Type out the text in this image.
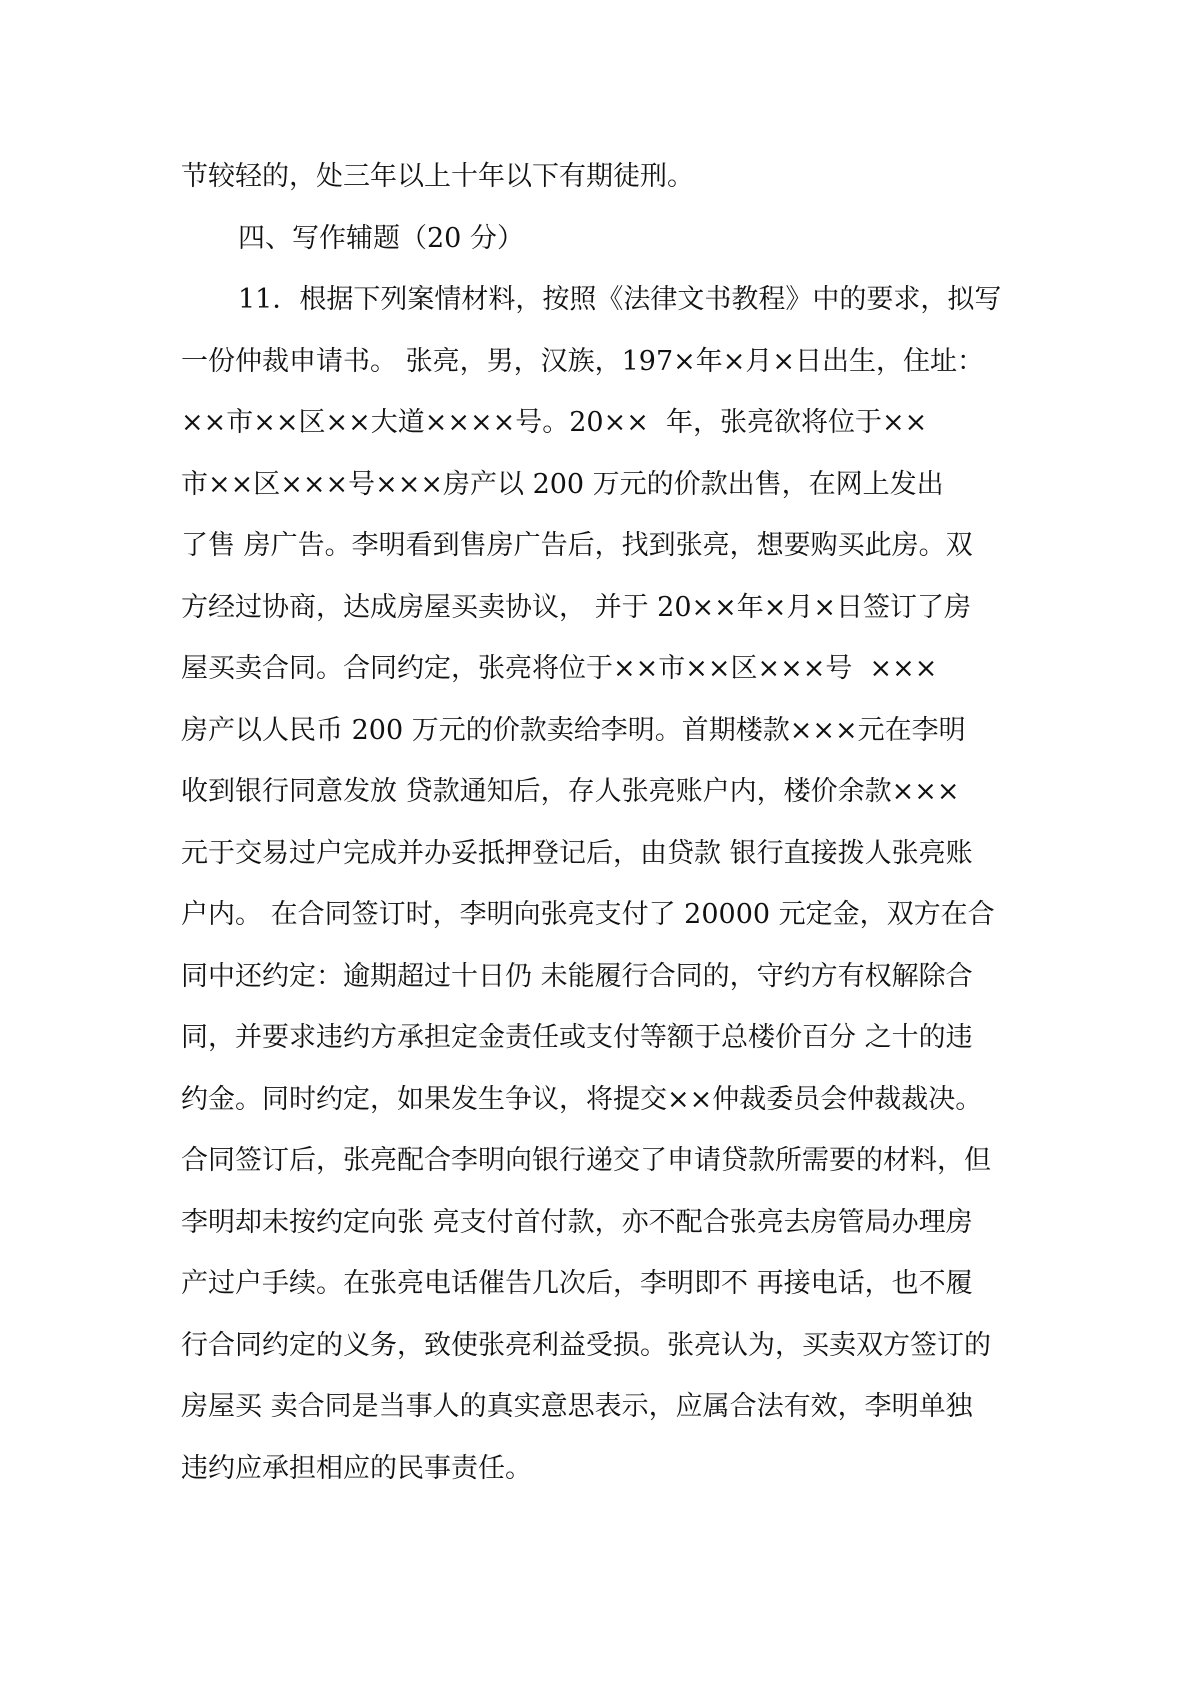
节较轻的，处三年以上十年以下有期徒刑。
四、写作辅题（20 分）
11．根据下列案情材料，按照《法律文书教程》中的要求，拟写
一份仲裁申请书。 张亮，男，汉族，197×年×月×日出生，住址：
××市××区××大道××××号。20××  年，张亮欲将位于××
市××区×××号×××房产以 200 万元的价款出售，在网上发出
了售 房广告。李明看到售房广告后，找到张亮，想要购买此房。双
方经过协商，达成房屋买卖协议， 并于 20××年×月×日签订了房
屋买卖合同。合同约定，张亮将位于××市××区×××号  ×××
房产以人民币 200 万元的价款卖给李明。首期楼款×××元在李明
收到银行同意发放 贷款通知后，存人张亮账户内，楼价余款×××
元于交易过户完成并办妥抵押登记后，由贷款 银行直接拨人张亮账
户内。 在合同签订时，李明向张亮支付了 20000 元定金，双方在合
同中还约定：逾期超过十日仍 未能履行合同的，守约方有权解除合
同，并要求违约方承担定金责任或支付等额于总楼价百分 之十的违
约金。同时约定，如果发生争议，将提交××仲裁委员会仲裁裁决。
合同签订后，张亮配合李明向银行递交了申请贷款所需要的材料，但
李明却未按约定向张 亮支付首付款，亦不配合张亮去房管局办理房
产过户手续。在张亮电话催告几次后，李明即不 再接电话，也不履
行合同约定的义务，致使张亮利益受损。张亮认为，买卖双方签订的
房屋买 卖合同是当事人的真实意思表示，应属合法有效，李明单独
违约应承担相应的民事责任。
